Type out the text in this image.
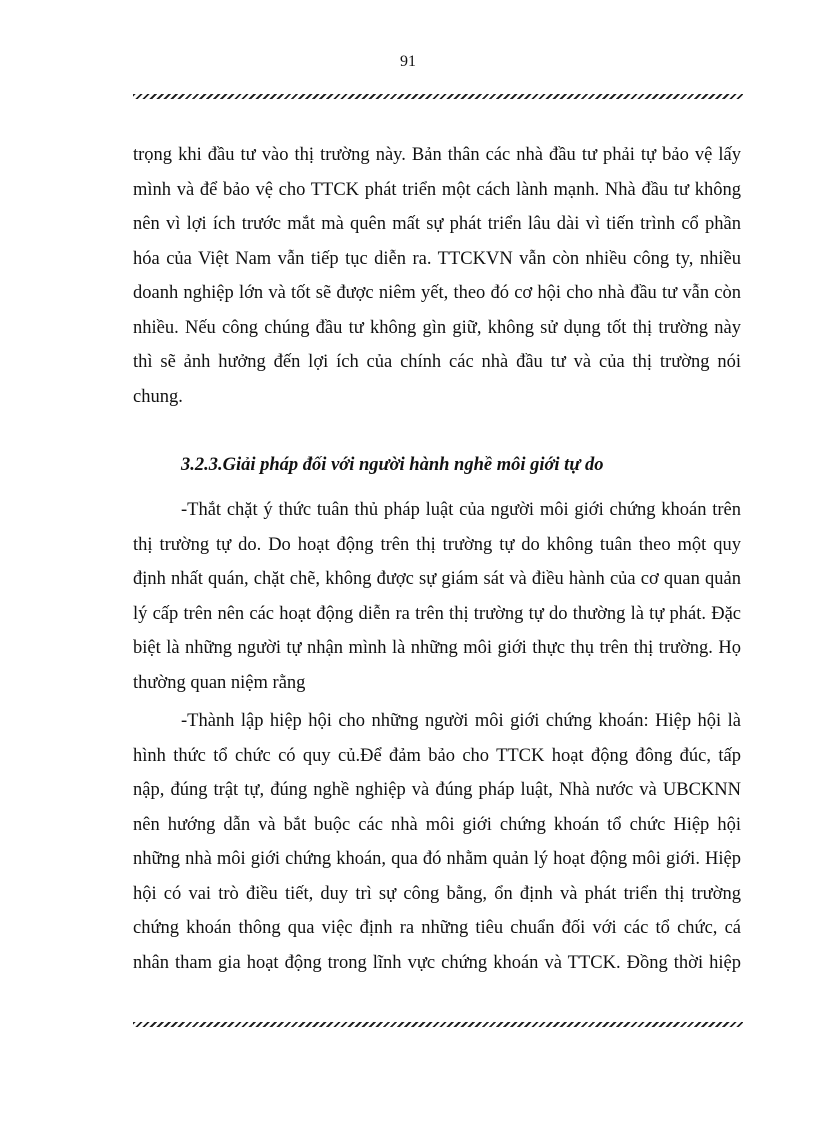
91
trọng khi đầu tư vào thị trường này. Bản thân các nhà đầu tư phải tự bảo vệ lấy
mình và để bảo vệ cho TTCK phát triển một cách lành mạnh. Nhà đầu tư không
nên vì lợi ích trước mắt mà quên mất sự phát triển lâu dài vì tiến trình cổ phần
hóa của Việt Nam vẫn tiếp tục diễn ra. TTCKVN vẫn còn nhiều công ty, nhiều
doanh nghiệp lớn và tốt sẽ được niêm yết, theo đó cơ hội cho nhà đầu tư vẫn còn
nhiều. Nếu công chúng đầu tư không gìn giữ, không sử dụng tốt thị trường này
thì sẽ ảnh hưởng đến lợi ích của chính các nhà đầu tư và của thị trường nói
chung.
3.2.3.Giải pháp đối với người hành nghề môi giới tự do
-Thắt chặt ý thức tuân thủ pháp luật của người môi giới chứng khoán trên
thị trường tự do. Do hoạt động trên thị trường tự do không tuân theo một quy
định nhất quán, chặt chẽ, không được sự giám sát và điều hành của cơ quan quản
lý cấp trên nên các hoạt động diễn ra trên thị trường tự do thường là tự phát. Đặc
biệt là những người tự nhận mình là những môi giới thực thụ trên thị trường. Họ
thường quan niệm rằng
-Thành lập hiệp hội cho những người môi giới chứng khoán: Hiệp hội là
hình thức tổ chức có quy củ.Để đảm bảo cho TTCK hoạt động đông đúc, tấp
nập, đúng trật tự, đúng nghề nghiệp và đúng pháp luật, Nhà nước và UBCKNN
nên hướng dẫn và bắt buộc các nhà môi giới chứng khoán tổ chức Hiệp hội
những nhà môi giới chứng khoán, qua đó nhằm quản lý hoạt động môi giới. Hiệp
hội có vai trò điều tiết, duy trì sự công bằng, ổn định và phát triển thị trường
chứng khoán thông qua việc định ra những tiêu chuẩn đối với các tổ chức, cá
nhân tham gia hoạt động trong lĩnh vực chứng khoán và TTCK. Đồng thời hiệp
